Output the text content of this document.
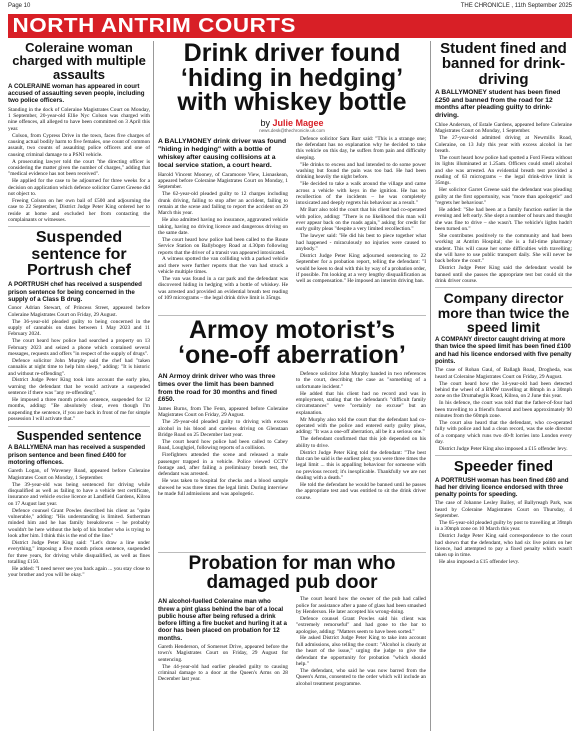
Page 10	THE CHRONICLE , 11th September 2025
NORTH ANTRIM COURTS
Coleraine woman charged with multiple assaults
A COLERAINE woman has appeared in court accused of assaulting seven people, including two police officers.

Standing in the dock of Coleraine Magistrates Court on Monday, 1 September, 20-year-old Ellie Nyc Colson was charged with nine offences, all alleged to have been committed on 3 April this year.

Colson, from Cypress Drive in the town, faces five charges of causing actual bodily harm to five females, one count of common assault, two counts of assaulting police officers and one of causing criminal damage to a PSNI vehicle.

A prosecuting lawyer told the court "the directing officer is considering the matter given the number of charges," adding that "medical evidence has not been received".

He applied for the case to be adjourned for three weeks for a decision on application which defence solicitor Garret Greene did not object to.

Freeing Colson on her own bail of £500 and adjourning the case to 22 September, District Judge Peter King ordered her to reside at home and excluded her from contacting the complainants or witnesses.

Suspended sentence for Portrush chef
A PORTRUSH chef has received a suspended prison sentence for being concerned in the supply of a Class B drug.

Conor Adrian Stewart, of Princess Street, appeared before Coleraine Magistrates Court on Friday, 29 August.

The 36-year-old pleaded guilty to being concerned in the supply of cannabis on dates between 1 May 2023 and 11 February 2024.

The court heard how police had searched a property on 13 February 2023 and seized a phone which contained several messages, requests and offers "in respect of the supply of drugs".

Defence solicitor John Murphy said the chef had "taken cannabis at night time to help him sleep," adding: "It is historic and without re-offending".

District Judge Peter King took into account the early plea, warning the defendant that he would activate a suspended sentence if there was "any re-offending".

He imposed a three month prison sentence, suspended for 12 months, adding: "Be absolutely clear, even though I'm suspending the sentence, if you are back in front of me for simple possession I will activate that."

Suspended sentence
A BALLYMENA man has received a suspended prison sentence and been fined £400 for motoring offences.

Gareth Logan, of Waveney Road, appeared before Coleraine Magistrates Court on Monday, 1 September.

The 39-year-old was being sentenced for driving while disqualified as well as failing to have a vehicle test certificate, insurance and vehicle excise licence at Landfield Gardens, Kilrea on 17 August last year.

Defence counsel Grant Powles described his client as "quite vulnerable," adding: "His understanding is limited. Sutherman minded him and he has family breakdowns – he probably wouldn't be here without the help of his brother who is trying to look after him. I think this is the end of the line."

District Judge Peter King said: "Let's draw a line under everything," imposing a five month prison sentence, suspended for three years, for driving while disqualified, as well as fines totalling £150.

He added: "I need never see you back again ... you stay close to your brother and you will be okay."

Drink driver found ‘hiding in hedging’ with whiskey bottle
by Julie Magee
news.desk@thechronicle.uk.com
A BALLYMONEY drink driver was found "hiding in hedging" with a bottle of whiskey after causing collisions at a local service station, a court heard.

Harold Vincent Mooney, of Caramoore View, Lisnaskean, appeared before Coleraine Magistrates Court on Monday, 1 September.

The 62-year-old pleaded guilty to 12 charges including drunk driving, failing to stop after an accident, failing to remain at the scene and failing to report the accident on 29 March this year.

He also admitted having no insurance, aggravated vehicle taking, having no driving licence and dangerous driving on the same date.

The court heard how police had been called to the Route Service Station on Ballybogey Road at 4.30pm following reports that the driver of a transit van appeared intoxicated.

A witness spotted the van colliding with a parked vehicle and there were further reports that the van had struck a vehicle multiple times.

The van was found in a car park and the defendant was discovered hiding in hedging with a bottle of whiskey. He was arrested and provided an evidential breath test reading of 109 micrograms – the legal drink drive limit is 35mgs.

Defence solicitor Sam Barr said: "This is a strange one; the defendant has no explanation why he decided to take this vehicle on this day, he suffers from pain and difficulty sleeping.

"He drinks to excess and had intended to do some power washing but found the pain was too bad. He had been drinking heavily the night before.

"He decided to take a walk around the village and came across a vehicle with keys in the ignition. He has no recollection of the incidents – he was completely intoxicated and deeply regrets his behaviour as a result."

Mr Barr also told the court that his client had co-operated with police, adding: "There is no likelihood this man will ever appear back on the roads again," asking for credit for early guilty pleas "despite a very limited recollection."

The lawyer said: "He did his best to piece together what had happened - miraculously no injuries were caused to anybody."

District Judge Peter King adjourned sentencing to 22 September for a probation report, telling the defendant: "I would be keen to deal with this by way of a probation order, if possible. I'm looking at a very lengthy disqualification as well as compensation." He imposed an interim driving ban.

Armoy motorist’s ‘one-off aberration’
AN Armoy drink driver who was three times over the limit has been banned from the road for 30 months and fined £650.

James Burns, from The Fenn, appeared before Coleraine Magistrates Court on Friday, 29 August.

The 29-year-old pleaded guilty to driving with excess alcohol in his blood and careless driving on Glenstaan Bridge Road on 25 December last year.

The court heard how police had been called to Cabey Road, Loughgiel, following reports of a collision.

Firefighters attended the scene and released a male passenger trapped in a vehicle. Police viewed CCTV footage and, after failing a preliminary breath test, the defendant was arrested.

He was taken to hospital for checks and a blood sample showed he was three times the legal limit. During interview he made full admissions and was apologetic.

Defence solicitor John Murphy handed in two references to the court, describing the case as "something of a unfortunate incident."

He added that his client had no record and was in employment, stating that the defendant's "difficult family circumstances" were "certainly no excuse" but an explanation.

Mr Murphy also told the court that the defendant had co-operated with the police and entered early guilty pleas, adding: "It was a one-off aberration, all be it a serious one."

The defendant confirmed that this job depended on his ability to drive.

District Judge Peter King told the defendant: "The best that can be said is the earliest plea; you were three times the legal limit ... this is appalling behaviour for someone with no previous record; it's inexplicable. Thankfully we are not dealing with a death."

He told the defendant he would be banned until he passes the appropriate test and was entitled to sit the drink driver course.

Probation for man who damaged pub door
AN alcohol-fuelled Coleraine man who threw a pint glass behind the bar of a local public house after being refused a drink before lifting a fire bucket and hurling it at a door has been placed on probation for 12 months.

Gareth Henderson, of Somerset Drive, appeared before the town's Magistrates Court on Friday, 29 August for sentencing.

The 44-year-old had earlier pleaded guilty to causing criminal damage to a door at the Queen's Arms on 28 December last year.

The court heard how the owner of the pub had called police for assistance after a pane of glass had been smashed by Henderson. He later accepted his wrong-doing.

Defence counsel Grant Powles said his client was "extremely remorseful" and had gone to the bar to apologise, adding: "Matters seem to have been sorted."

He asked District Judge Peter King to take into account full admissions, also telling the court: "Alcohol is clearly at the heart of the issue," urging the judge to give the defendant the opportunity for probation "which should help."

The defendant, who said he was now barred from the Queen's Arms, consented to the order which will include an alcohol treatment programme.

Student fined and banned for drink-driving
A BALLYMONEY student has been fined £250 and banned from the road for 12 months after pleading guilty to drink-driving.

Chloe Anderson, of Estale Gardens, appeared before Coleraine Magistrates Court on Monday, 1 September.

The 27-year-old admitted driving at Newmills Road, Coleraine, on 13 July this year with excess alcohol in her breath.

The court heard how police had spotted a Ford Fiesta without its lights illuminated at 1.25am. Officers could smell alcohol and she was arrested. An evidential breath test provided a reading of 63 micrograms – the legal drink-drive limit is 35mgs.

Her solicitor Garret Greene said the defendant was pleading guilty at the first opportunity, was "more than apologetic" and "regrets her behaviour."

He added: "She had been at a family function earlier in the evening and left early. She slept a number of hours and thought she was fine to drive – she wasn't. The vehicle's lights hadn't been turned on."

She contributes positively to the community and had been working at Antrim Hospital; she is a full-time pharmacy student. This will cause her some difficulties with travelling; she will have to use public transport daily. She will never be back before the court."

District Judge Peter King said the defendant would be banned until she passes the appropriate test but could sit the drink driver course.

Company director more than twice the speed limit
A COMPANY director caught driving at more than twice the speed limit has been fined £100 and had his licence endorsed with five penalty points.

The case of Rohan Gaul, of Ballagh Road, Drogheda, was heard at Coleraine Magistrates Court on Friday, 29 August.

The court heard how the 34-year-old had been detected behind the wheel of a BMW travelling at 88mph in a 30mph zone on the Drumaheglis Road, Kilrea, on 2 June this year.

In his defence, the court was told that the father-of-four had been travelling to a friend's funeral and been approximately 90 minutes from the 60mph zone.

The court also heard that the defendant, who co-operated fully with police and had a clean record, was the sole director of a company which runs two 40-ft lorries into London every day.

District Judge Peter King also imposed a £15 offender levy.

Speeder fined
A PORTRUSH woman has been fined £60 and had her driving licence endorsed with three penalty points for speeding.

The case of Johanne Lesley Bailey, of Ballyreagh Park, was heard by Coleraine Magistrates Court on Thursday, 4 September.

The 65-year-old pleaded guilty by post to travelling at 39mph in a 30mph zone on 10 March this year.

District Judge Peter King said correspondence to the court had shown that the defendant, who had six live points on her licence, had attempted to pay a fixed penalty which wasn't taken up in time.

He also imposed a £15 offender levy.
